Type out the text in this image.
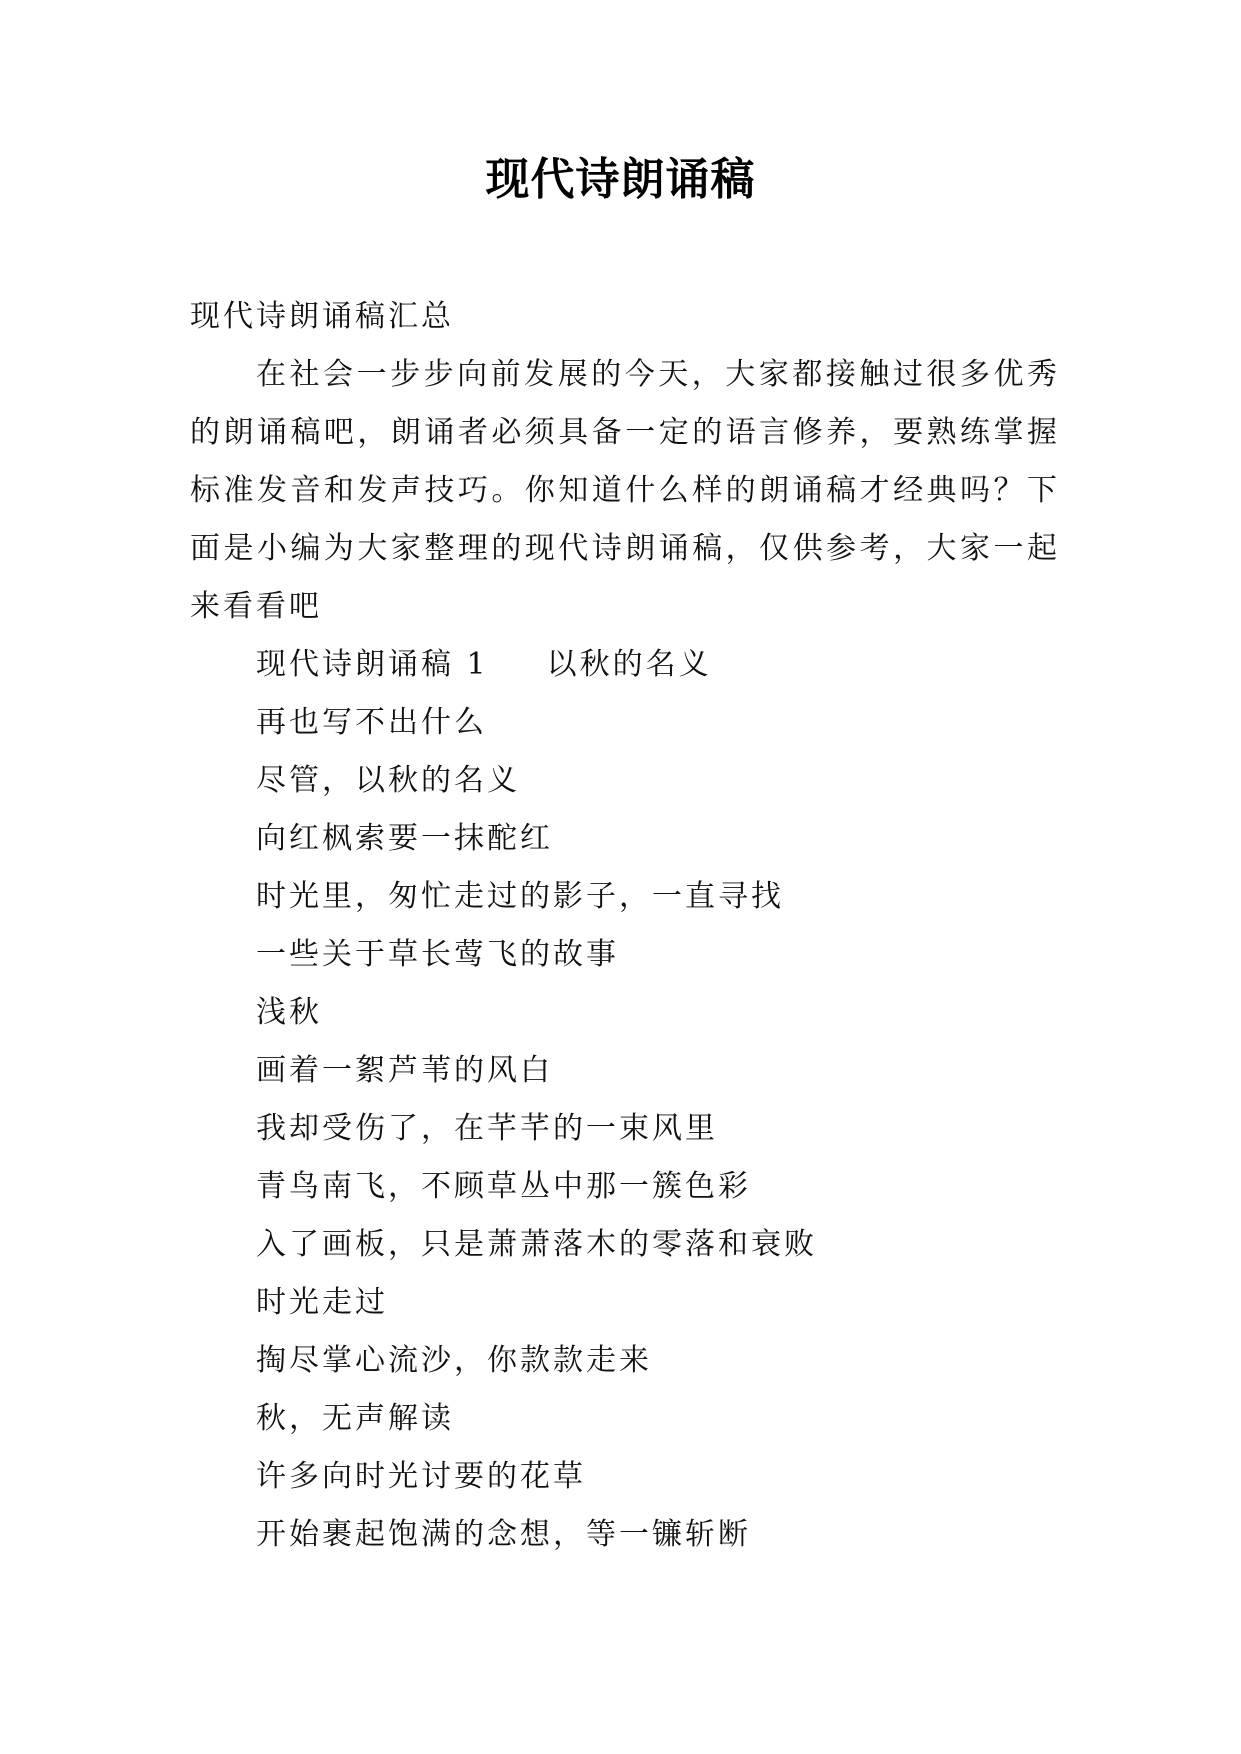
现代诗朗诵稿

现代诗朗诵稿汇总

在社会一步步向前发展的今天，大家都接触过很多优秀的朗诵稿吧，朗诵者必须具备一定的语言修养，要熟练掌握标准发音和发声技巧。你知道什么样的朗诵稿才经典吗？下面是小编为大家整理的现代诗朗诵稿，仅供参考，大家一起来看看吧

现代诗朗诵稿 1 以秋的名义

再也写不出什么

尽管，以秋的名义

向红枫索要一抹酡红

时光里，匆忙走过的影子，一直寻找

一些关于草长莺飞的故事

浅秋

画着一絮芦苇的风白

我却受伤了，在芊芊的一束风里

青鸟南飞，不顾草丛中那一簇色彩

入了画板，只是萧萧落木的零落和衰败

时光走过

掏尽掌心流沙，你款款走来

秋，无声解读

许多向时光讨要的花草

开始裹起饱满的念想，等一镰斩断
